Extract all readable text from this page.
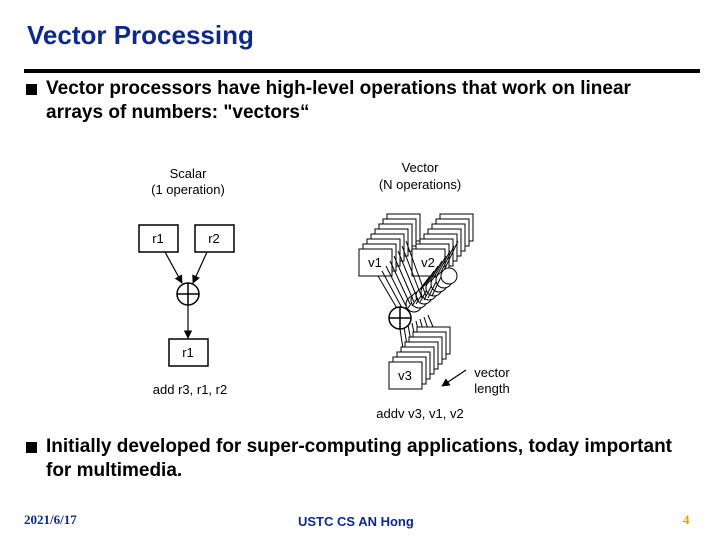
Vector Processing
Vector processors have high-level operations that work on linear arrays of numbers: "vectors“
Scalar
(1 operation)
r1	r2
r1
add r3, r1, r2
Vector
(N operations)
v1	v2
v3	vector
length
addv v3, v1, v2
Initially developed for super-computing applications, today important for multimedia.
2021/6/17	USTC CS AN Hong	4
